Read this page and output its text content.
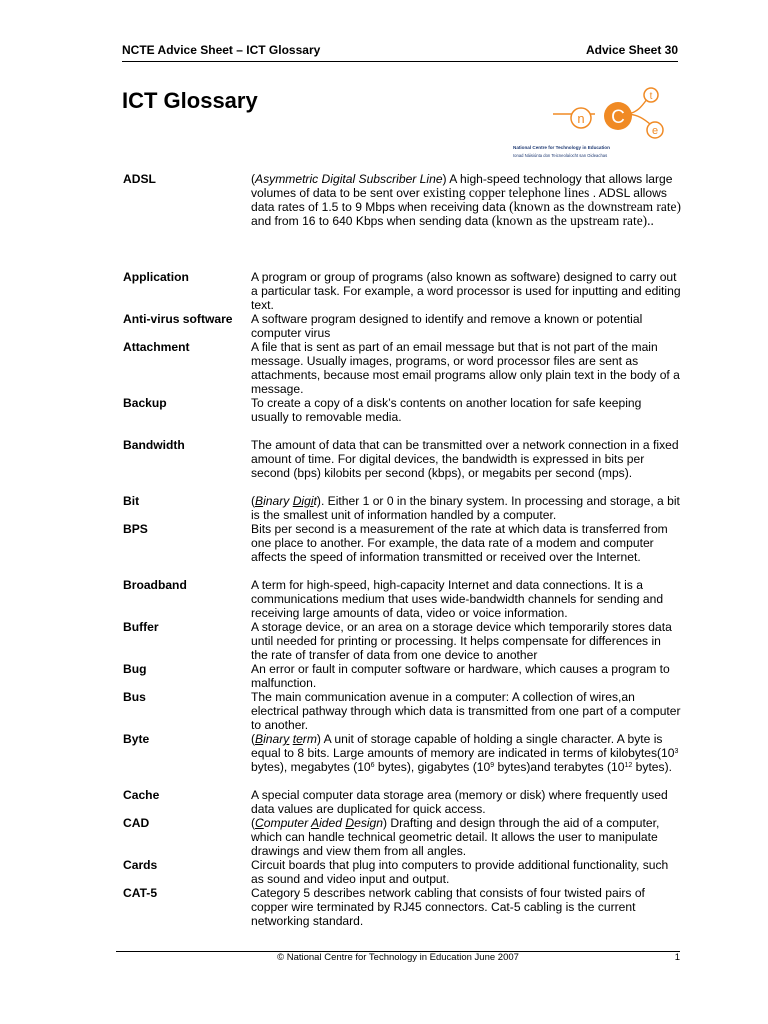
NCTE Advice Sheet – ICT Glossary	Advice Sheet 30
ICT Glossary
n C
t
e
National Centre for Technology in Education
Ionad Náisiúnta don Teicneolaíocht san Oideachas
ADSL	(Asymmetric Digital Subscriber Line) A high-speed technology that allows large volumes of data to be sent over existing copper telephone lines . ADSL allows data rates of 1.5 to 9 Mbps when receiving data (known as the downstream rate) and from 16 to 640 Kbps when sending data (known as the upstream rate)..
Application	A program or group of programs (also known as software) designed to carry out a particular task. For example, a word processor is used for inputting and editing text.
Anti-virus software	A software program designed to identify and remove a known or potential computer virus
Attachment	A file that is sent as part of an email message but that is not part of the main message. Usually images, programs, or word processor files are sent as attachments, because most email programs allow only plain text in the body of a message.
Backup	To create a copy of a disk’s contents on another location for safe keeping usually to removable media.
Bandwidth	The amount of data that can be transmitted over a network connection in a fixed amount of time. For digital devices, the bandwidth is expressed in bits per second (bps) kilobits per second (kbps), or megabits per second (mps).
Bit	(Binary Digit). Either 1 or 0 in the binary system. In processing and storage, a bit is the smallest unit of information handled by a computer.
BPS	Bits per second is a measurement of the rate at which data is transferred from one place to another. For example, the data rate of a modem and computer affects the speed of information transmitted or received over the Internet.
Broadband	A term for high-speed, high-capacity Internet and data connections. It is a communications medium that uses wide-bandwidth channels for sending and receiving large amounts of data, video or voice information.
Buffer	A storage device, or an area on a storage device which temporarily stores data until needed for printing or processing. It helps compensate for differences in the rate of transfer of data from one device to another
Bug	An error or fault in computer software or hardware, which causes a program to malfunction.
Bus	The main communication avenue in a computer: A collection of wires,an electrical pathway through which data is transmitted from one part of a computer to another.
Byte	(Binary term) A unit of storage capable of holding a single character. A byte is equal to 8 bits. Large amounts of memory are indicated in terms of $kilobytes(10^3$ bytes), megabytes ($10^6$ bytes), gigabytes ($10^9$ bytes)and terabytes ($10^{12}$ bytes).
Cache	A special computer data storage area (memory or disk) where frequently used data values are duplicated for quick access.
CAD	(Computer Aided Design) Drafting and design through the aid of a computer, which can handle technical geometric detail. It allows the user to manipulate drawings and view them from all angles.
Cards	Circuit boards that plug into computers to provide additional functionality, such as sound and video input and output.
CAT-5	Category 5 describes network cabling that consists of four twisted pairs of copper wire terminated by RJ45 connectors. Cat-5 cabling is the current networking standard.
© National Centre for Technology in Education June 2007	1
